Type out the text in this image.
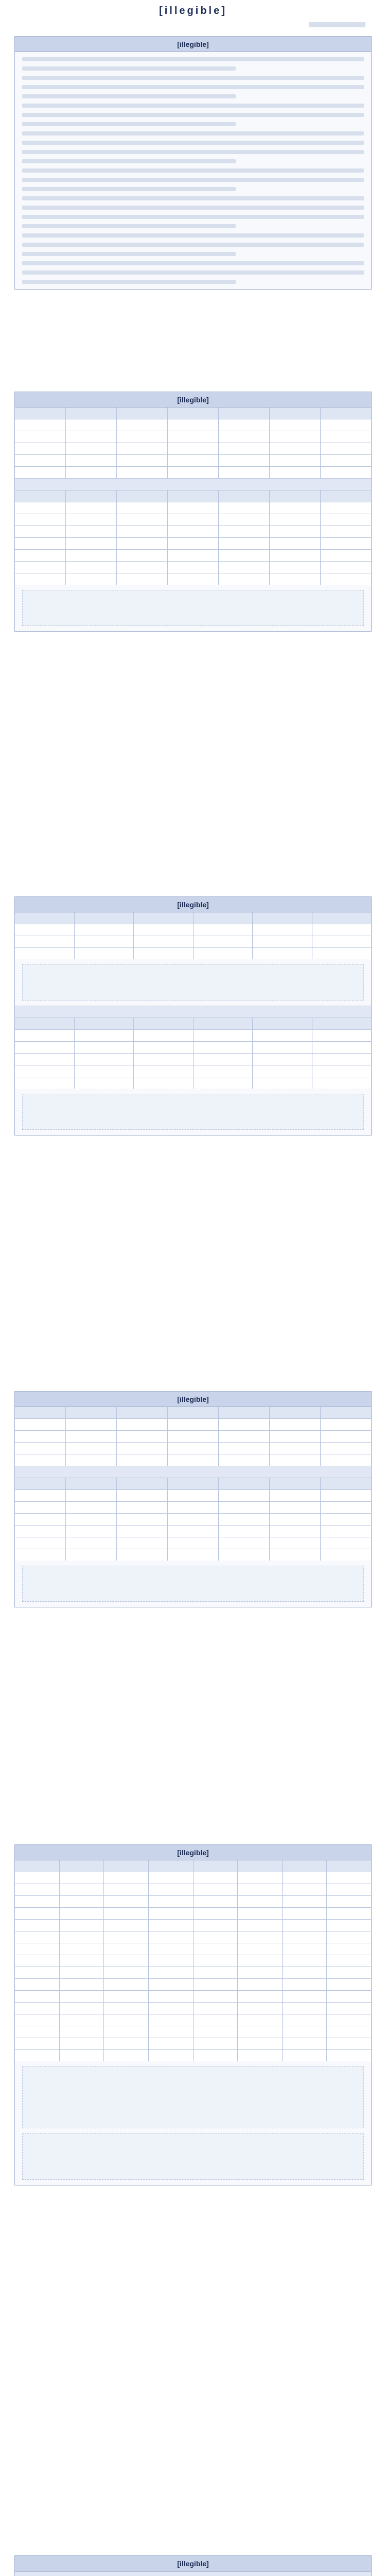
[illegible]
[illegible]
[illegible]
[illegible]
[illegible]
[illegible]
[illegible]
